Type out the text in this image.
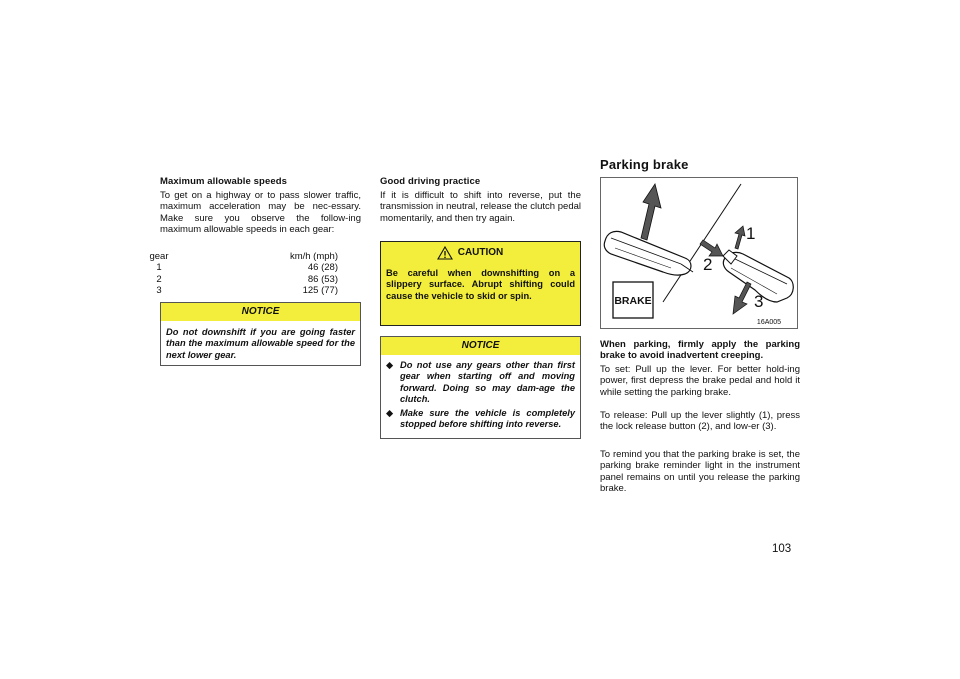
Maximum allowable speeds
To get on a highway or to pass slower traffic, maximum acceleration may be nec-essary. Make sure you observe the follow-ing maximum allowable speeds in each gear:
gear	km/h (mph)
1	46 (28)
2	86 (53)
3	125 (77)
NOTICE
Do not downshift if you are going faster than the maximum allowable speed for the next lower gear.
Good driving practice
If it is difficult to shift into reverse, put the transmission in neutral, release the clutch pedal momentarily, and then try again.
CAUTION
Be careful when downshifting on a slippery surface. Abrupt shifting could cause the vehicle to skid or spin.
NOTICE
◆ Do not use any gears other than first gear when starting off and moving forward. Doing so may dam-age the clutch.
◆ Make sure the vehicle is completely stopped before shifting into reverse.
Parking brake
1
2
3
BRAKE
16A005
When parking, firmly apply the parking brake to avoid inadvertent creeping.
To set: Pull up the lever. For better hold-ing power, first depress the brake pedal and hold it while setting the parking brake.
To release: Pull up the lever slightly (1), press the lock release button (2), and low-er (3).
To remind you that the parking brake is set, the parking brake reminder light in the instrument panel remains on until you release the parking brake.
103
